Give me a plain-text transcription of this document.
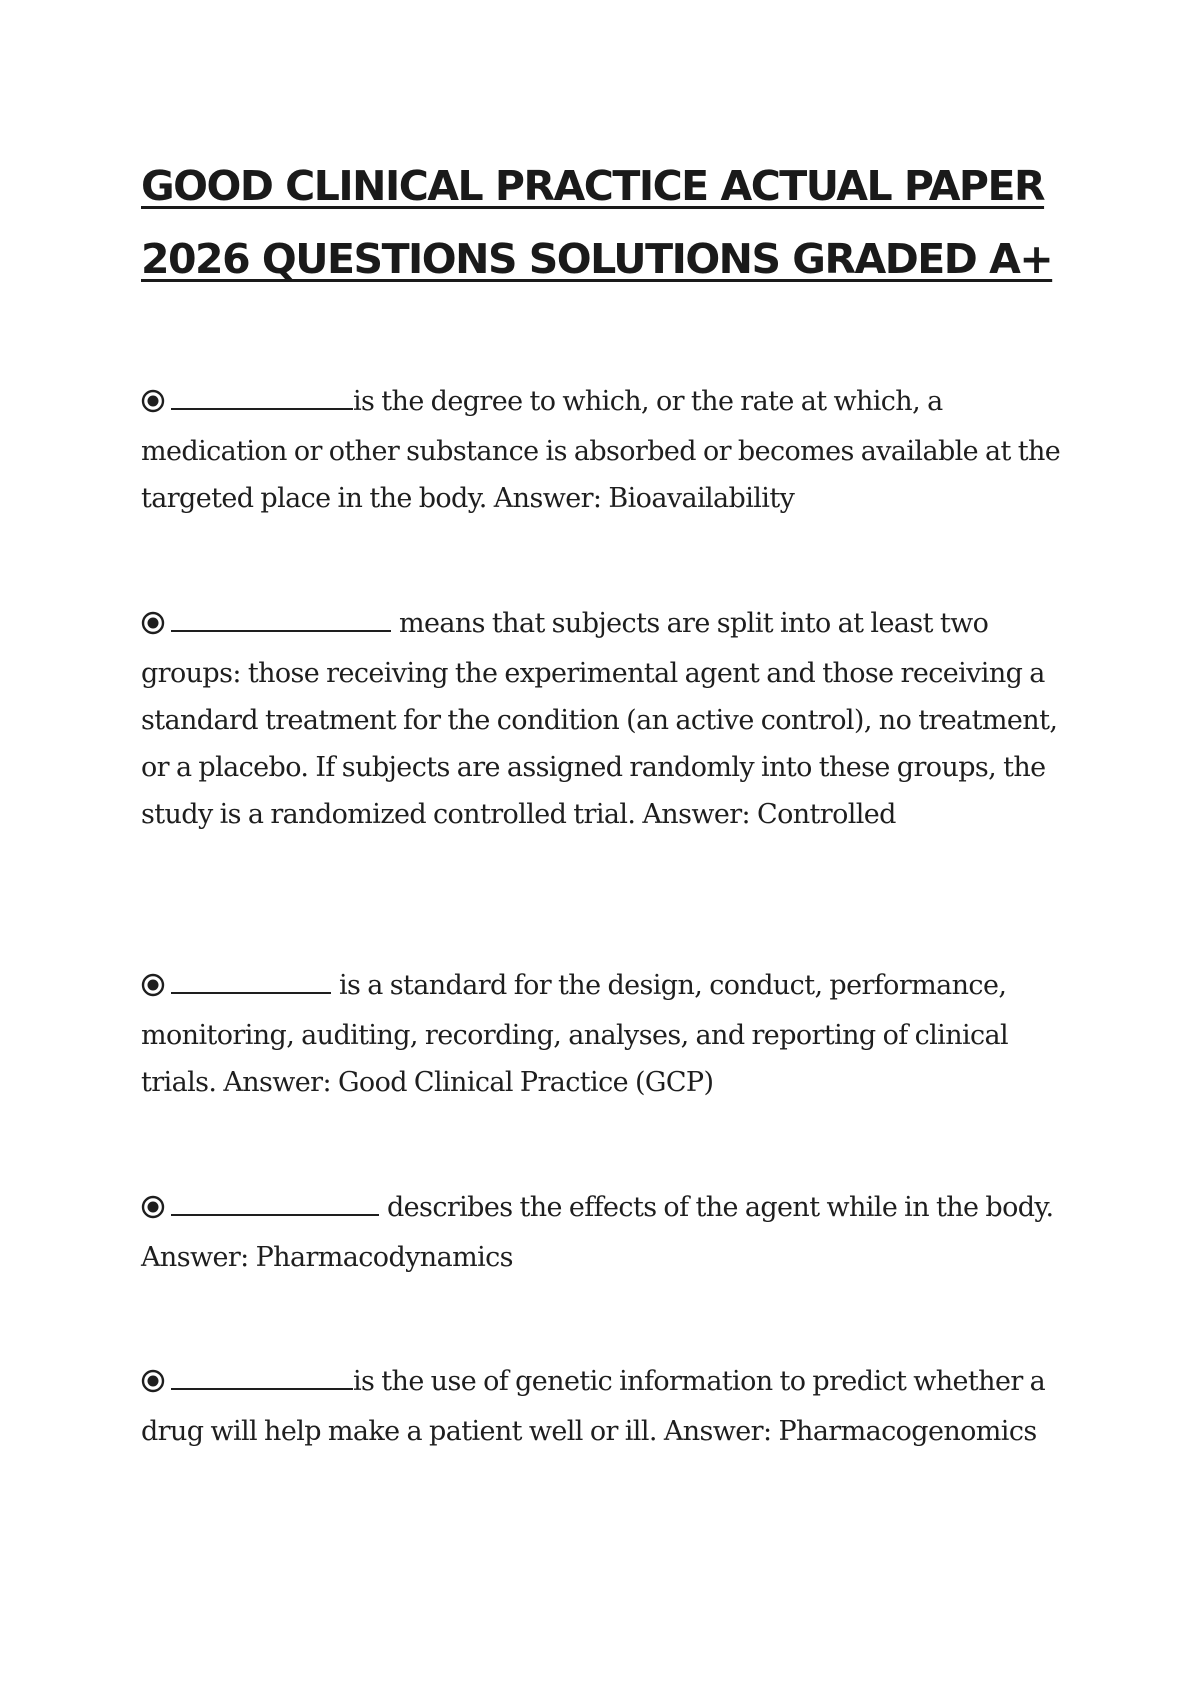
GOOD CLINICAL PRACTICE ACTUAL PAPER
2026 QUESTIONS SOLUTIONS GRADED A+

is the degree to which, or the rate at which, a medication or other substance is absorbed or becomes available at the targeted place in the body. Answer: Bioavailability

means that subjects are split into at least two groups: those receiving the experimental agent and those receiving a standard treatment for the condition (an active control), no treatment, or a placebo. If subjects are assigned randomly into these groups, the study is a randomized controlled trial. Answer: Controlled

is a standard for the design, conduct, performance, monitoring, auditing, recording, analyses, and reporting of clinical trials. Answer: Good Clinical Practice (GCP)

describes the effects of the agent while in the body. Answer: Pharmacodynamics

is the use of genetic information to predict whether a drug will help make a patient well or ill. Answer: Pharmacogenomics
